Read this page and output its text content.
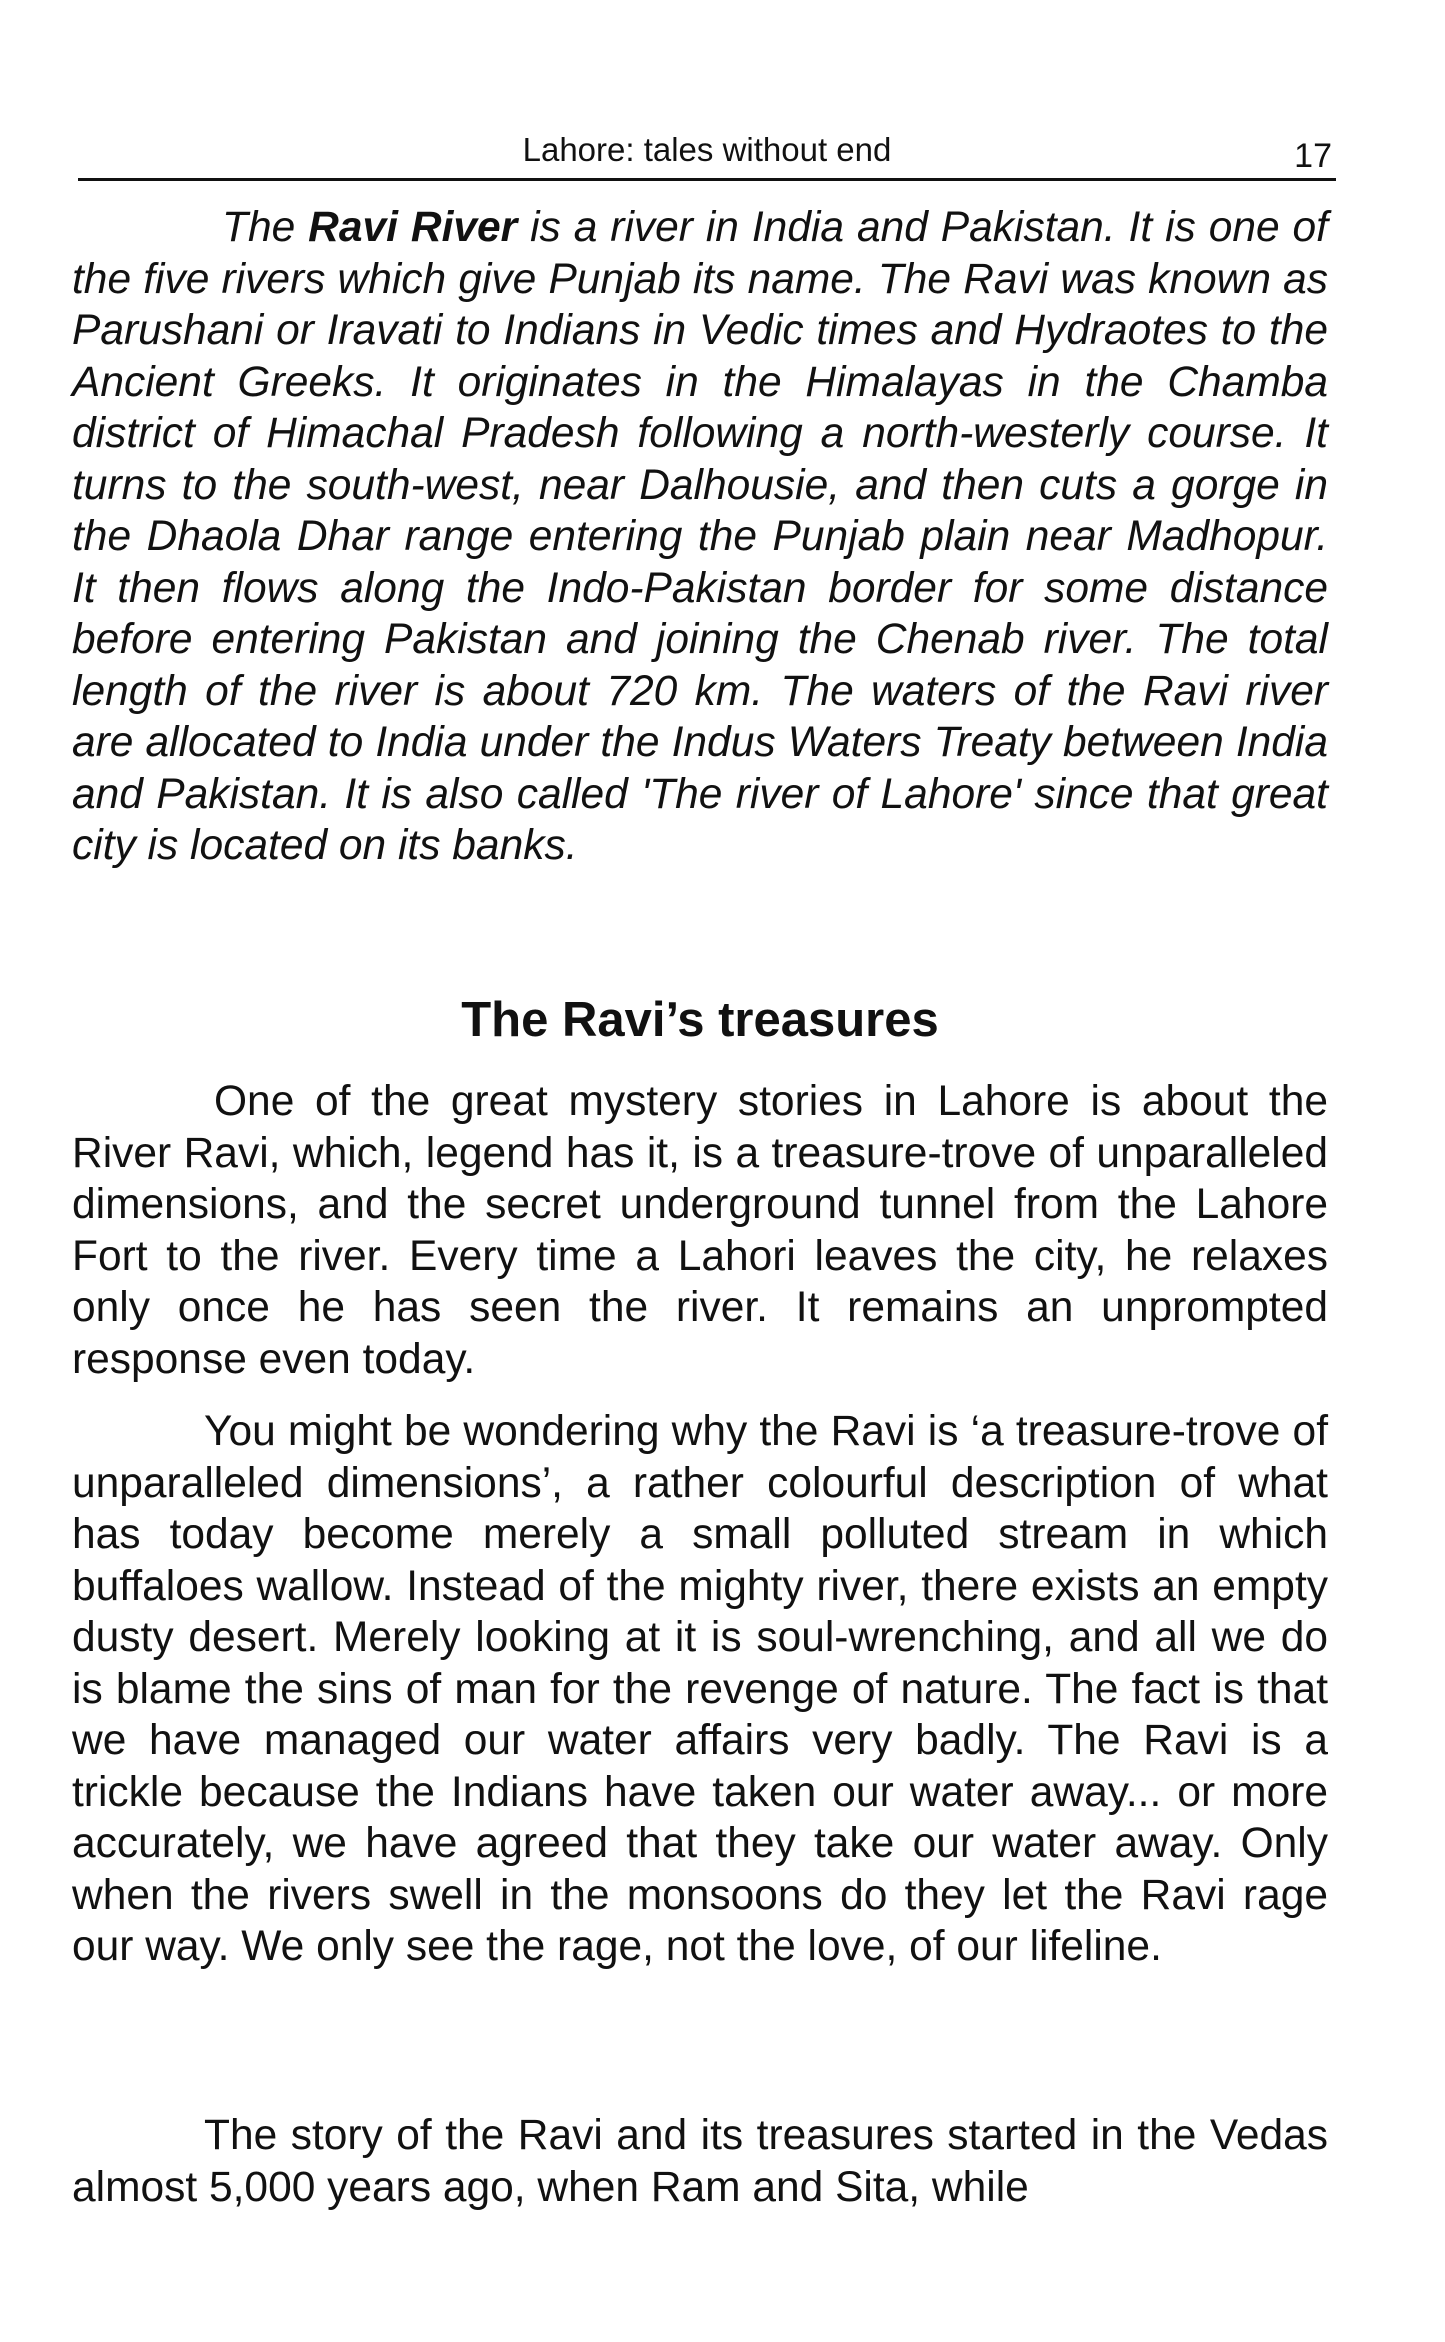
Lahore: tales without end	17

The Ravi River is a river in India and Pakistan. It is one of the five rivers which give Punjab its name. The Ravi was known as Parushani or Iravati to Indians in Vedic times and Hydraotes to the Ancient Greeks. It originates in the Himalayas in the Chamba district of Himachal Pradesh following a north-westerly course. It turns to the south-west, near Dalhousie, and then cuts a gorge in the Dhaola Dhar range entering the Punjab plain near Madhopur. It then flows along the Indo-Pakistan border for some distance before entering Pakistan and joining the Chenab river. The total length of the river is about 720 km. The waters of the Ravi river are allocated to India under the Indus Waters Treaty between India and Pakistan. It is also called 'The river of Lahore' since that great city is located on its banks.

The Ravi’s treasures

One of the great mystery stories in Lahore is about the River Ravi, which, legend has it, is a treasure-trove of unparalleled dimensions, and the secret underground tunnel from the Lahore Fort to the river. Every time a Lahori leaves the city, he relaxes only once he has seen the river. It remains an unprompted response even today.

You might be wondering why the Ravi is ‘a treasure-trove of unparalleled dimensions’, a rather colourful description of what has today become merely a small polluted stream in which buffaloes wallow. Instead of the mighty river, there exists an empty dusty desert. Merely looking at it is soul-wrenching, and all we do is blame the sins of man for the revenge of nature. The fact is that we have managed our water affairs very badly. The Ravi is a trickle because the Indians have taken our water away... or more accurately, we have agreed that they take our water away. Only when the rivers swell in the monsoons do they let the Ravi rage our way. We only see the rage, not the love, of our lifeline.

The story of the Ravi and its treasures started in the Vedas almost 5,000 years ago, when Ram and Sita, while
